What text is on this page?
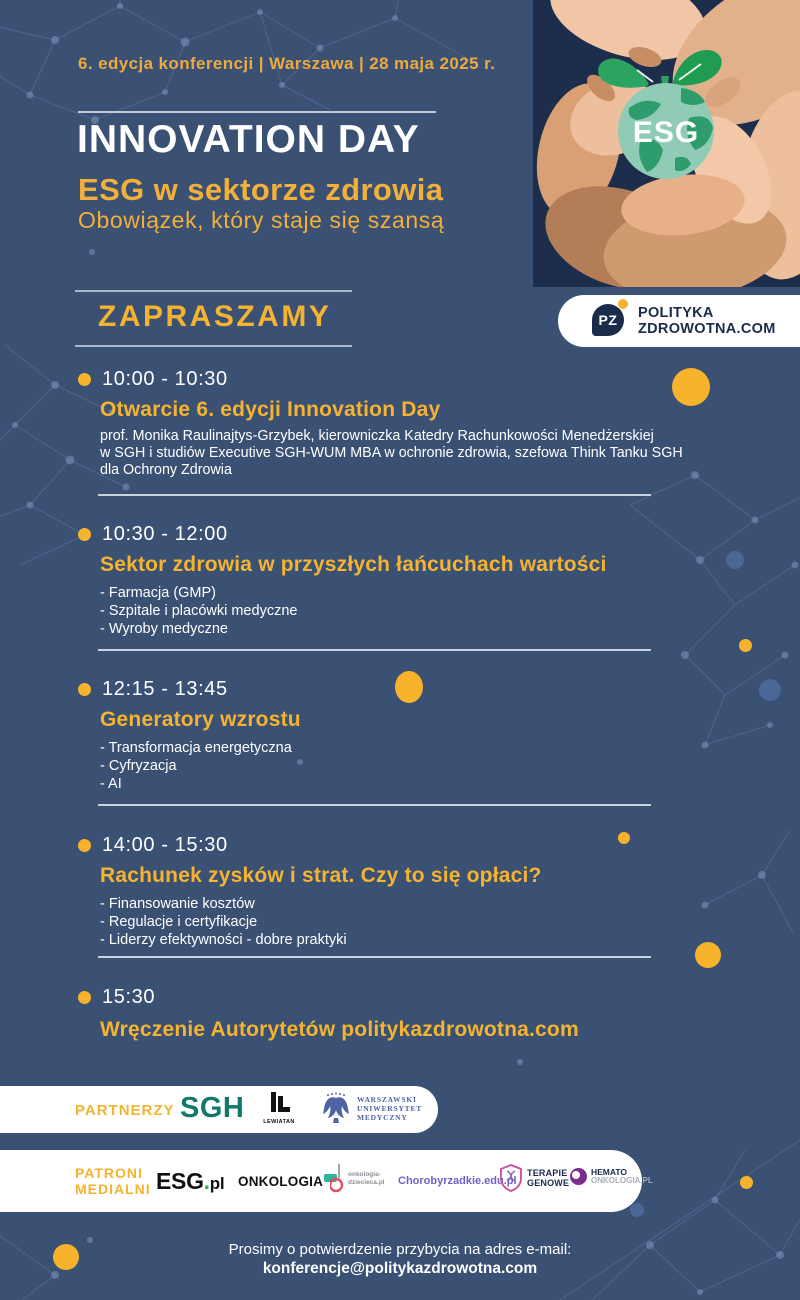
ESG
6. edycja konferencji | Warszawa | 28 maja 2025 r.
INNOVATION DAY
ESG w sektorze zdrowia
Obowiązek, który staje się szansą
ZAPRASZAMY	PZ	POLITYKA
ZDROWOTNA.COM
10:00 - 10:30
Otwarcie 6. edycji Innovation Day
prof. Monika Raulinajtys-Grzybek, kierowniczka Katedry Rachunkowości Menedżerskiej
w SGH i studiów Executive SGH-WUM MBA w ochronie zdrowia, szefowa Think Tanku SGH
dla Ochrony Zdrowia
10:30 - 12:00
Sektor zdrowia w przyszłych łańcuchach wartości
- Farmacja (GMP)
- Szpitale i placówki medyczne
- Wyroby medyczne
12:15 - 13:45
Generatory wzrostu
- Transformacja energetyczna
- Cyfryzacja
- AI
14:00 - 15:30
Rachunek zysków i strat. Czy to się opłaci?
- Finansowanie kosztów
- Regulacje i certyfikacje
- Liderzy efektywności - dobre praktyki
15:30
Wręczenie Autorytetów politykazdrowotna.com
PARTNERZY SGH	LEWIATAN
WARSZAWSKI
UNIWERSYTET
MEDYCZNY
PATRONI
MEDIALNI ESG.pl ONKOLOGIA	onkologia-
dziecieca.pl Chorobyrzadkie.edu.pl
TERAPIE
GENOWE
HEMATO
ONKOLOGIA.PL
Prosimy o potwierdzenie przybycia na adres e-mail:
konferencje@politykazdrowotna.com
